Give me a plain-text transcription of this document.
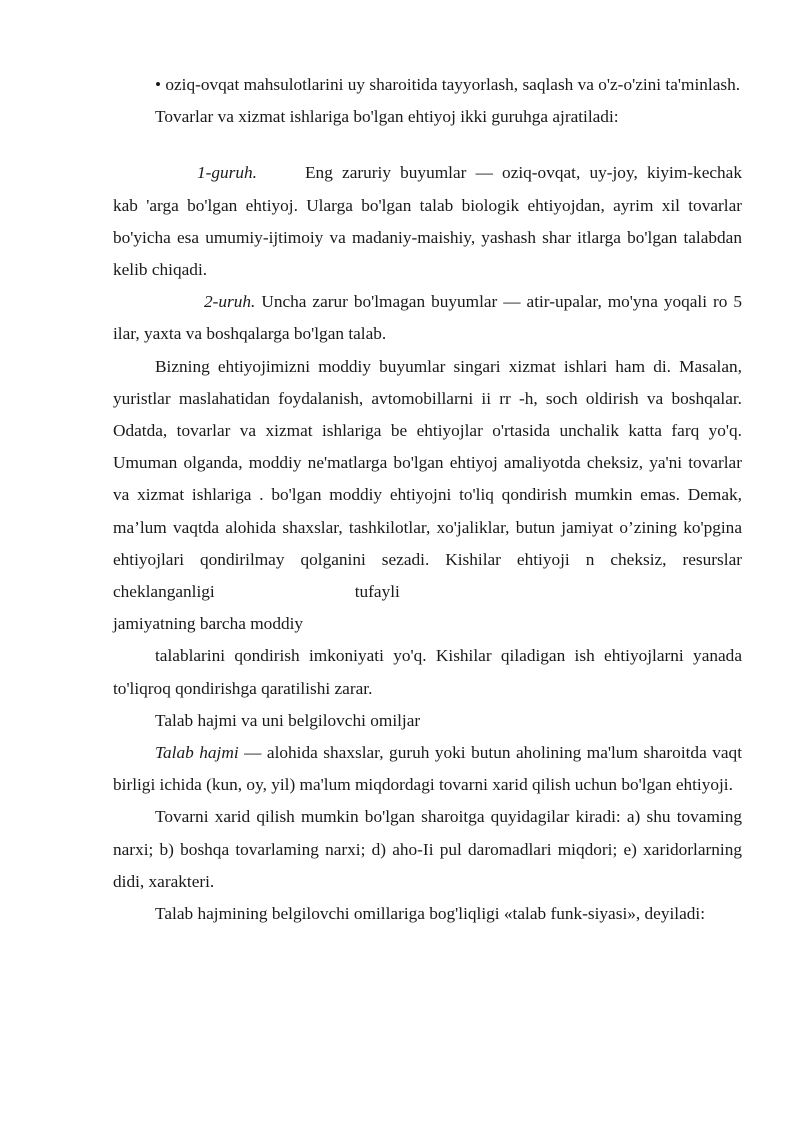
• oziq-ovqat mahsulotlarini uy sharoitida tayyorlash, saqlash va o'z-o'zini ta'minlash.

Tovarlar va xizmat ishlariga bo'lgan ehtiyoj ikki guruhga ajratiladi:

1-guruh.	Eng zaruriy buyumlar — oziq-ovqat, uy-joy, kiyim-kechak kab 'arga bo'lgan ehtiyoj. Ularga bo'lgan talab biologik ehtiyojdan, ayrim xil tovarlar bo'yicha esa umumiy-ijtimoiy va madaniy-maishiy, yashash shar itlarga bo'lgan talabdan kelib chiqadi.

2-uruh. Uncha zarur bo'lmagan buyumlar — atir-upalar, mo'yna yoqali ro 5 ilar, yaxta va boshqalarga bo'lgan talab.

Bizning ehtiyojimizni moddiy buyumlar singari xizmat ishlari ham di. Masalan, yuristlar maslahatidan foydalanish, avtomobillarni ii rr -h, soch oldirish va boshqalar. Odatda, tovarlar va xizmat ishlariga be ehtiyojlar o'rtasida unchalik katta farq yo'q. Umuman olganda, moddiy ne'matlarga bo'lgan ehtiyoj amaliyotda cheksiz, ya'ni tovarlar va xizmat ishlariga . bo'lgan moddiy ehtiyojni to'liq qondirish mumkin emas. Demak, ma’lum vaqtda alohida shaxslar, tashkilotlar, xo'jaliklar, butun jamiyat o’zining ko'pgina ehtiyojlari qondirilmay qolganini sezadi. Kishilar ehtiyoji n cheksiz, resurslar cheklanganligi	tufayli

jamiyatning barcha moddiy

talablarini qondirish imkoniyati yo'q. Kishilar qiladigan ish ehtiyojlarni yanada to'liqroq qondirishga qaratilishi zarar.

Talab hajmi va uni belgilovchi omiljar

Talab hajmi — alohida shaxslar, guruh yoki butun aholining ma'lum sharoitda vaqt birligi ichida (kun, oy, yil) ma'lum miqdordagi tovarni xarid qilish uchun bo'lgan ehtiyoji.

Tovarni xarid qilish mumkin bo'lgan sharoitga quyidagilar kiradi: a) shu tovaming narxi; b) boshqa tovarlaming narxi; d) aho-Ii pul daromadlari miqdori; e) xaridorlarning didi, xarakteri.

Talab hajmining belgilovchi omillariga bog'liqligi «talab funk-siyasi», deyiladi:
